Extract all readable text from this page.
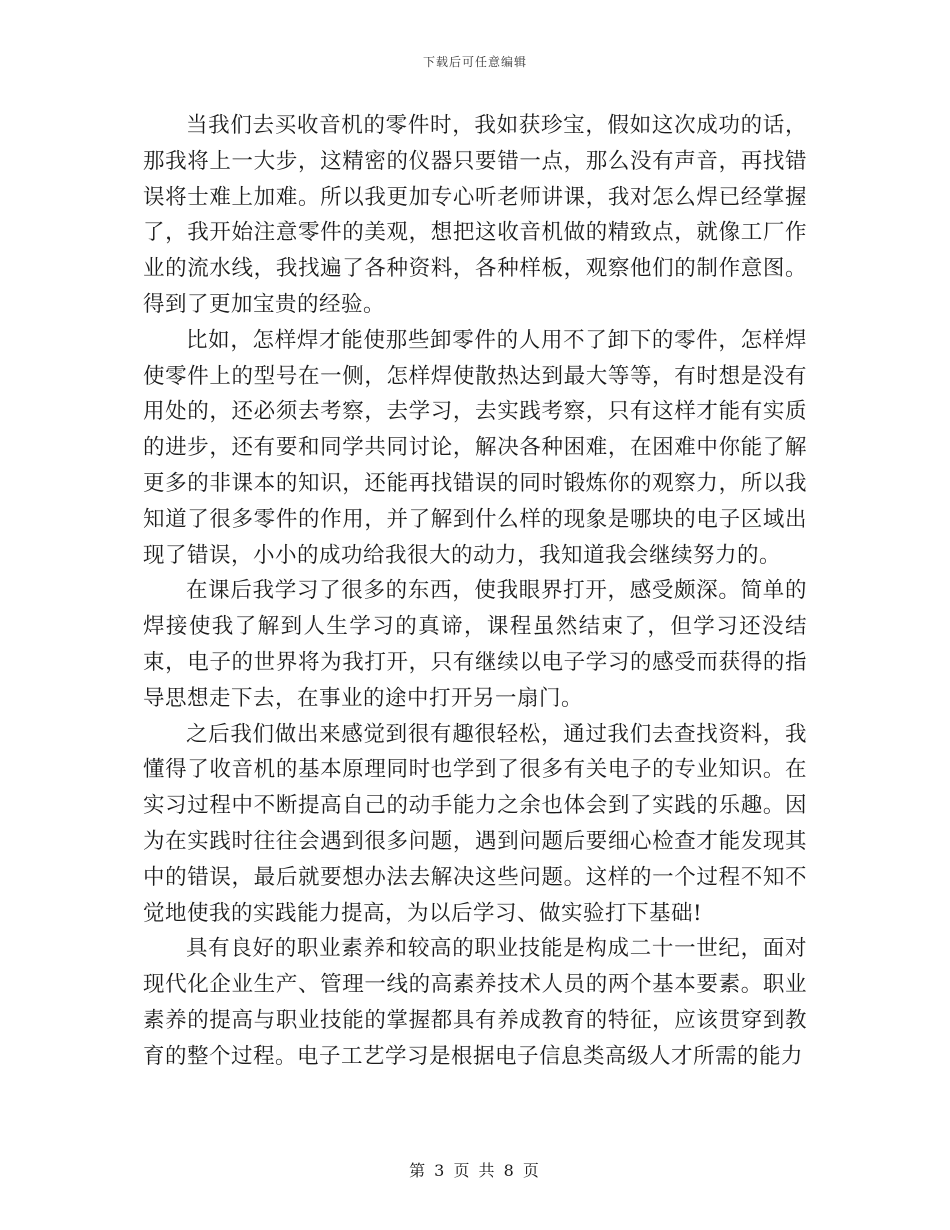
下载后可任意编辑

当我们去买收音机的零件时，我如获珍宝，假如这次成功的话，那我将上一大步，这精密的仪器只要错一点，那么没有声音，再找错误将士难上加难。所以我更加专心听老师讲课，我对怎么焊已经掌握了，我开始注意零件的美观，想把这收音机做的精致点，就像工厂作业的流水线，我找遍了各种资料，各种样板，观察他们的制作意图。得到了更加宝贵的经验。

比如，怎样焊才能使那些卸零件的人用不了卸下的零件，怎样焊使零件上的型号在一侧，怎样焊使散热达到最大等等，有时想是没有用处的，还必须去考察，去学习，去实践考察，只有这样才能有实质的进步，还有要和同学共同讨论，解决各种困难，在困难中你能了解更多的非课本的知识，还能再找错误的同时锻炼你的观察力，所以我知道了很多零件的作用，并了解到什么样的现象是哪块的电子区域出现了错误，小小的成功给我很大的动力，我知道我会继续努力的。

在课后我学习了很多的东西，使我眼界打开，感受颇深。简单的焊接使我了解到人生学习的真谛，课程虽然结束了，但学习还没结束，电子的世界将为我打开，只有继续以电子学习的感受而获得的指导思想走下去，在事业的途中打开另一扇门。

之后我们做出来感觉到很有趣很轻松，通过我们去查找资料，我懂得了收音机的基本原理同时也学到了很多有关电子的专业知识。在实习过程中不断提高自己的动手能力之余也体会到了实践的乐趣。因为在实践时往往会遇到很多问题，遇到问题后要细心检查才能发现其中的错误，最后就要想办法去解决这些问题。这样的一个过程不知不觉地使我的实践能力提高，为以后学习、做实验打下基础!

具有良好的职业素养和较高的职业技能是构成二十一世纪，面对现代化企业生产、管理一线的高素养技术人员的两个基本要素。职业素养的提高与职业技能的掌握都具有养成教育的特征，应该贯穿到教育的整个过程。电子工艺学习是根据电子信息类高级人才所需的能力

第 3 页 共 8 页
